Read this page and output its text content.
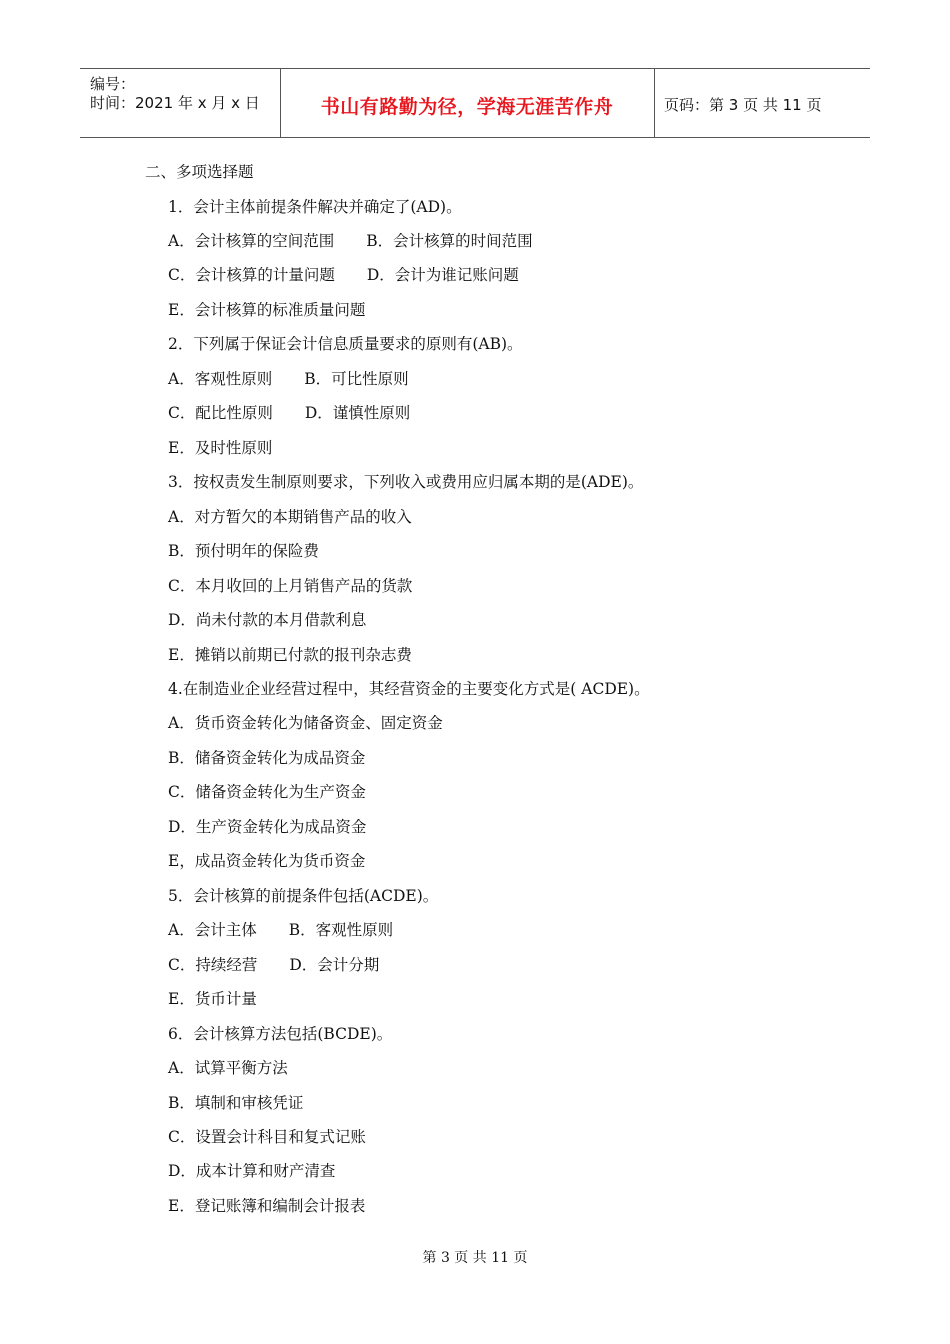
编号：
时间：2021 年 x 月 x 日	书山有路勤为径，学海无涯苦作舟	页码：第 3 页 共 11 页
二、多项选择题
1．会计主体前提条件解决并确定了(AD)。
A．会计核算的空间范围 B．会计核算的时间范围
C．会计核算的计量问题 D．会计为谁记账问题
E．会计核算的标准质量问题
2．下列属于保证会计信息质量要求的原则有(AB)。
A．客观性原则 B．可比性原则
C．配比性原则 D．谨慎性原则
E．及时性原则
3．按权责发生制原则要求，下列收入或费用应归属本期的是(ADE)。
A．对方暂欠的本期销售产品的收入
B．预付明年的保险费
C．本月收回的上月销售产品的货款
D．尚未付款的本月借款利息
E．摊销以前期已付款的报刊杂志费
4.在制造业企业经营过程中，其经营资金的主要变化方式是( ACDE)。
A．货币资金转化为储备资金、固定资金
B．储备资金转化为成品资金
C．储备资金转化为生产资金
D．生产资金转化为成品资金
E，成品资金转化为货币资金
5．会计核算的前提条件包括(ACDE)。
A．会计主体 B．客观性原则
C．持续经营 D．会计分期
E．货币计量
6．会计核算方法包括(BCDE)。
A．试算平衡方法
B．填制和审核凭证
C．设置会计科目和复式记账
D．成本计算和财产清查
E．登记账簿和编制会计报表
第 3 页 共 11 页
